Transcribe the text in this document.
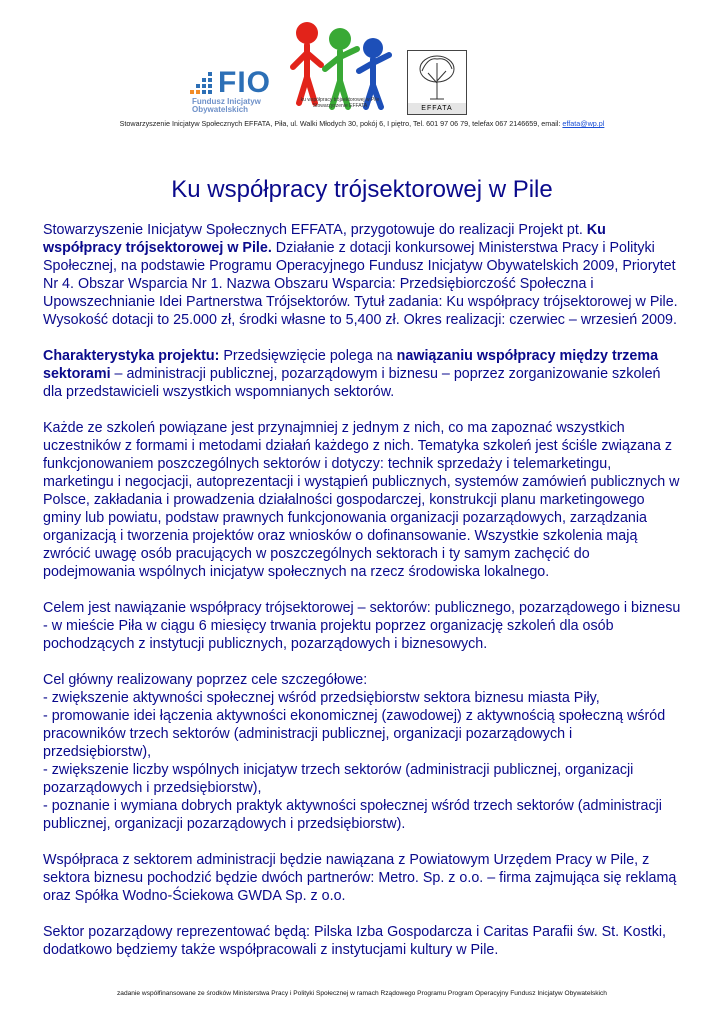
FIO
Fundusz Inicjatyw
Obywatelskich
ku współpracy trójsektorowej w Pile
Stowarzyszenie EFFATA	EFFATA
Stowarzyszenie Inicjatyw Społecznych EFFATA, Piła, ul. Walki Młodych 30, pokój 6, I piętro, Tel. 601 97 06 79, telefax 067 2146659, email: effata@wp.pl
Ku współpracy trójsektorowej w Pile

Stowarzyszenie Inicjatyw Społecznych EFFATA, przygotowuje do realizacji Projekt pt. Ku współpracy trójsektorowej w Pile. Działanie z dotacji konkursowej Ministerstwa Pracy i Polityki Społecznej, na podstawie Programu Operacyjnego Fundusz Inicjatyw Obywatelskich 2009, Priorytet Nr 4. Obszar Wsparcia Nr 1. Nazwa Obszaru Wsparcia: Przedsiębiorczość Społeczna i Upowszechnianie Idei Partnerstwa Trójsektorów. Tytuł zadania: Ku współpracy trójsektorowej w Pile. Wysokość dotacji to 25.000 zł, środki własne to 5,400 zł. Okres realizacji: czerwiec – wrzesień 2009.

Charakterystyka projektu: Przedsięwzięcie polega na nawiązaniu współpracy między trzema sektorami – administracji publicznej, pozarządowym i biznesu – poprzez zorganizowanie szkoleń dla przedstawicieli wszystkich wspomnianych sektorów.

Każde ze szkoleń powiązane jest przynajmniej z jednym z nich, co ma zapoznać wszystkich uczestników z formami i metodami działań każdego z nich. Tematyka szkoleń jest ściśle związana z funkcjonowaniem poszczególnych sektorów i dotyczy: technik sprzedaży i telemarketingu, marketingu i negocjacji, autoprezentacji i wystąpień publicznych, systemów zamówień publicznych w Polsce, zakładania i prowadzenia działalności gospodarczej, konstrukcji planu marketingowego gminy lub powiatu, podstaw prawnych funkcjonowania organizacji pozarządowych, zarządzania organizacją i tworzenia projektów oraz wniosków o dofinansowanie. Wszystkie szkolenia mają zwrócić uwagę osób pracujących w poszczególnych sektorach i ty samym zachęcić do podejmowania wspólnych inicjatyw społecznych na rzecz środowiska lokalnego.

Celem jest nawiązanie współpracy trójsektorowej – sektorów: publicznego, pozarządowego i biznesu - w mieście Piła w ciągu 6 miesięcy trwania projektu poprzez organizację szkoleń dla osób pochodzących z instytucji publicznych, pozarządowych i biznesowych.

Cel główny realizowany poprzez cele szczegółowe:
- zwiększenie aktywności społecznej wśród przedsiębiorstw sektora biznesu miasta Piły,
- promowanie idei łączenia aktywności ekonomicznej (zawodowej) z aktywnością społeczną wśród pracowników trzech sektorów (administracji publicznej, organizacji pozarządowych i przedsiębiorstw),
- zwiększenie liczby wspólnych inicjatyw trzech sektorów (administracji publicznej, organizacji pozarządowych i przedsiębiorstw),
- poznanie i wymiana dobrych praktyk aktywności społecznej wśród trzech sektorów (administracji publicznej, organizacji pozarządowych i przedsiębiorstw).

Współpraca z sektorem administracji będzie nawiązana z Powiatowym Urzędem Pracy w Pile, z sektora biznesu pochodzić będzie dwóch partnerów: Metro. Sp. z o.o. – firma zajmująca się reklamą oraz Spółka Wodno-Ściekowa GWDA Sp. z o.o.

Sektor pozarządowy reprezentować będą: Pilska Izba Gospodarcza i Caritas Parafii św. St. Kostki, dodatkowo będziemy także współpracowali z instytucjami kultury w Pile.

zadanie współfinansowane ze środków Ministerstwa Pracy i Polityki Społecznej w ramach Rządowego Programu Program Operacyjny Fundusz Inicjatyw Obywatelskich
